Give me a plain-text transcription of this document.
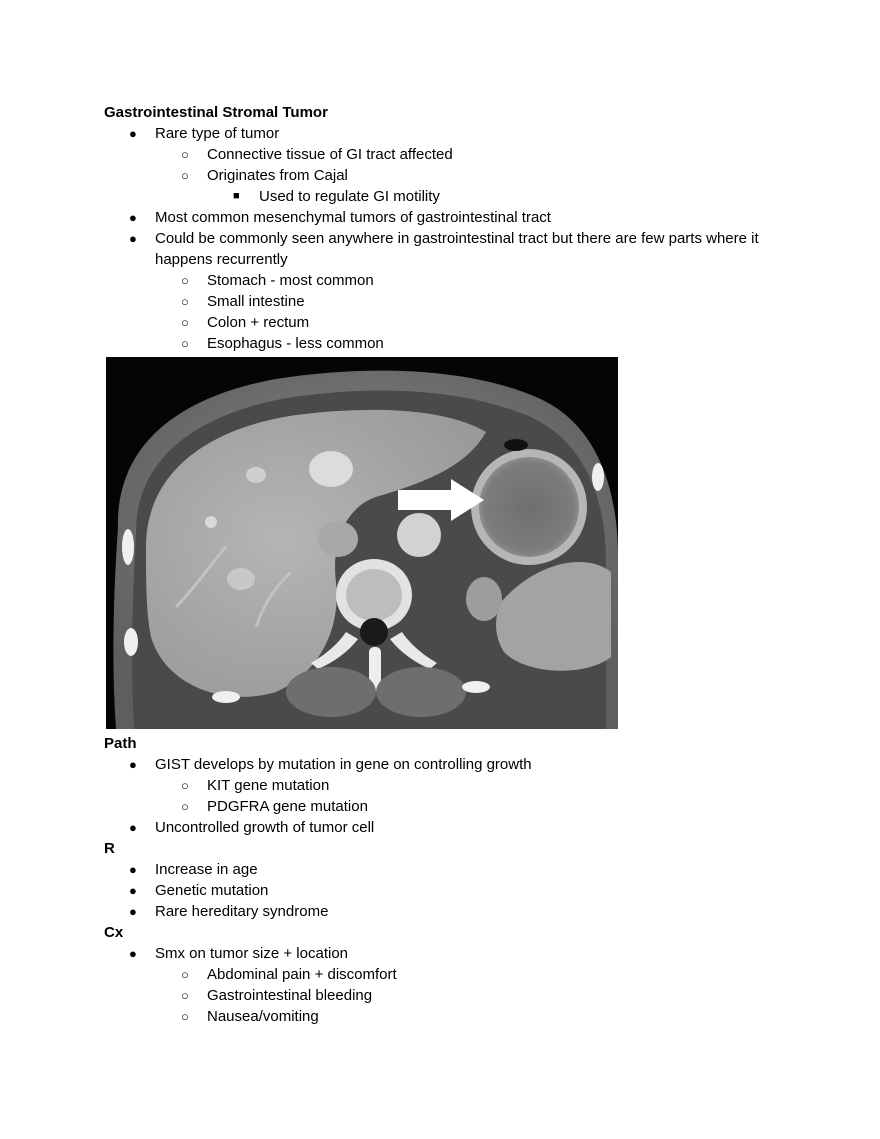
Gastrointestinal Stromal Tumor
● Rare type of tumor
○ Connective tissue of GI tract affected
○ Originates from Cajal
■ Used to regulate GI motility
● Most common mesenchymal tumors of gastrointestinal tract
● Could be commonly seen anywhere in gastrointestinal tract but there are few parts where it happens recurrently
○ Stomach - most common
○ Small intestine
○ Colon + rectum
○ Esophagus - less common
Path
● GIST develops by mutation in gene on controlling growth
○ KIT gene mutation
○ PDGFRA gene mutation
● Uncontrolled growth of tumor cell
R
● Increase in age
● Genetic mutation
● Rare hereditary syndrome
Cx
● Smx on tumor size + location
○ Abdominal pain + discomfort
○ Gastrointestinal bleeding
○ Nausea/vomiting
